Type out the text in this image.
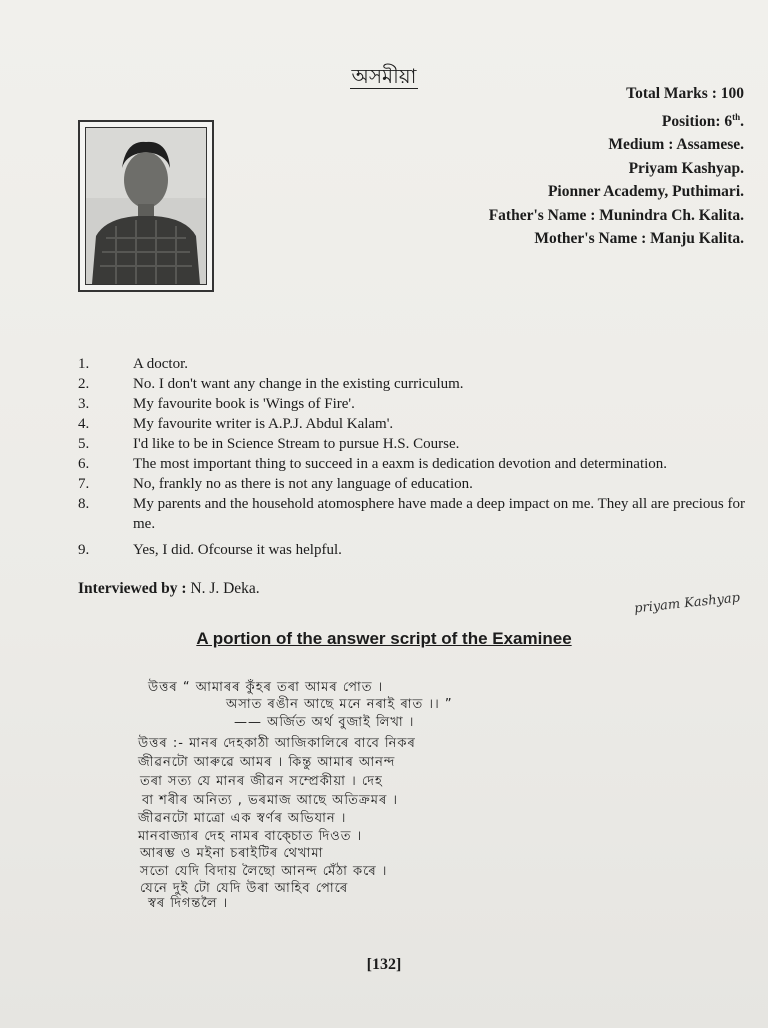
অসমীয়া
Total Marks : 100
Position: 6th.
Medium : Assamese.
Priyam Kashyap.
Pionner Academy, Puthimari.
Father's Name : Munindra Ch. Kalita.
Mother's Name : Manju Kalita.
1.	A doctor.
2.	No. I don't want any change in the existing curriculum.
3.	My favourite book is 'Wings of Fire'.
4.	My favourite writer is A.P.J. Abdul Kalam'.
5.	I'd like to be in Science Stream to pursue H.S. Course.
6.	The most important thing to succeed in a eaxm is dedication devotion and determination.
7.	No, frankly no as there is not any language of education.
8.	My parents and the household atomosphere have made a deep impact on me. They all are precious for me.
9.	Yes, I did. Ofcourse it was helpful.
Interviewed by : N. J. Deka.
priyam Kashyap
A portion of the answer script of the Examinee
উত্তৰ “ আমাৰৰ কুঁহৰ তৰা আমৰ পোত ।
অসাত ৰঙীন আছে মনে নৰাই ৰাত ।। ”
—— অৰ্জিত অৰ্থ বুজাই লিখা ।
উত্তৰ :- মানৰ দেহকাঠী আজিকালিৰে বাবে নিকৰ
জীৱনটো আৰুৱে আমৰ । কিন্তু আমাৰ আনন্দ
তৰা সত্য যে মানৰ জীৱন সম্প্ৰেকীয়া । দেহ
বা শৰীৰ অনিত্য , ভৰমাজ আছে অতিক্ৰমৰ ।
জীৱনটো মাত্ৰো এক স্বৰ্ণৰ অভিযান ।
মানবাজ্যাৰ দেহ নামৰ বাক্চোত দিওত ।
আৰম্ভ ও মইনা চৰাইটিৰ থেখামা
সতো যেদি বিদায় লৈছো আনন্দ মেঁঠা কৰে ।
যেনে দুই টো যেদি উৰা আহিব পোৰে
স্বৰ দিগন্তলৈ ।
[132]
